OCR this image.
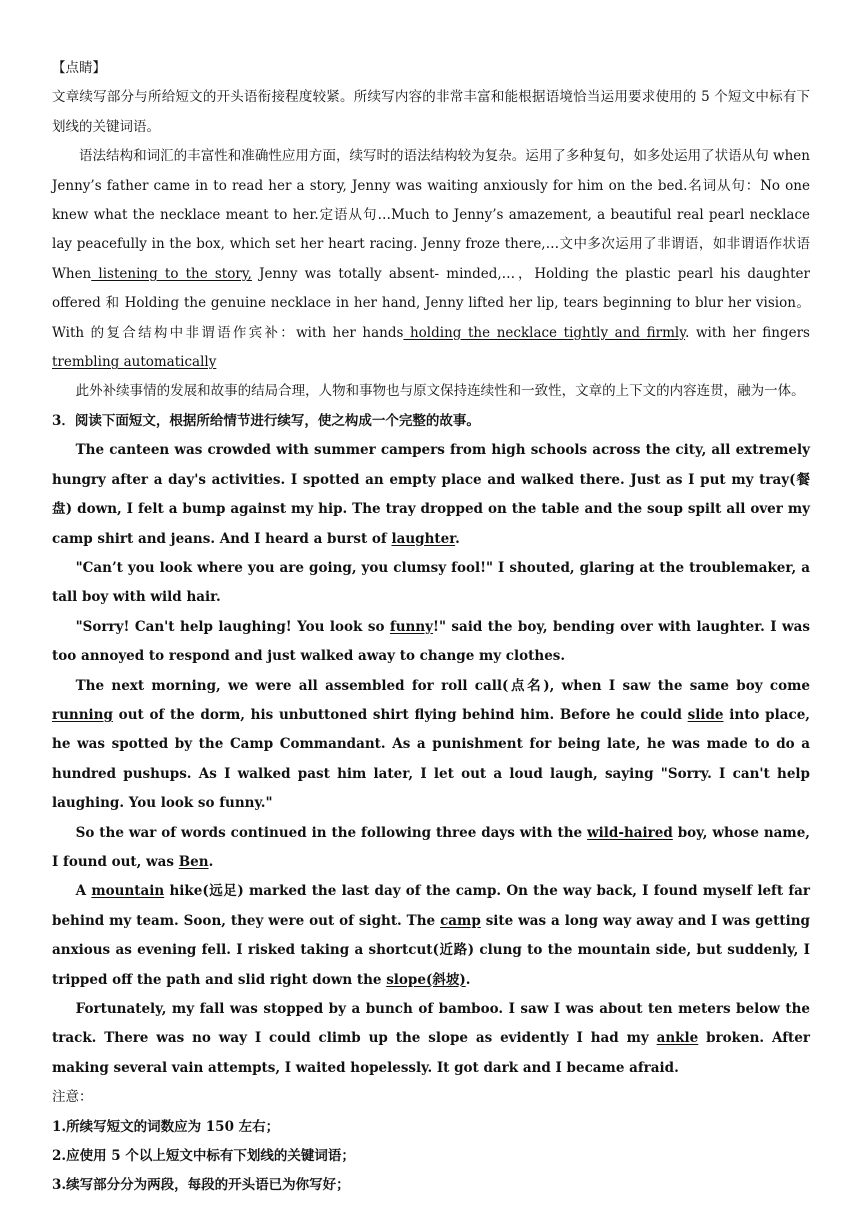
【点睛】

文章续写部分与所给短文的开头语衔接程度较紧。所续写内容的非常丰富和能根据语境恰当运用要求使用的 5 个短文中标有下划线的关键词语。

语法结构和词汇的丰富性和准确性应用方面，续写时的语法结构较为复杂。运用了多种复句，如多处运用了状语从句 when Jenny’s father came in to read her a story, Jenny was waiting anxiously for him on the bed.名词从句：No one knew what the necklace meant to her.定语从句…Much to Jenny’s amazement, a beautiful real pearl necklace lay peacefully in the box, which set her heart racing. Jenny froze there,…文中多次运用了非谓语，如非谓语作状语 When listening to the story, Jenny was totally absent- minded,…，Holding the plastic pearl his daughter offered 和 Holding the genuine necklace in her hand, Jenny lifted her lip, tears beginning to blur her vision。With 的复合结构中非谓语作宾补：with her hands holding the necklace tightly and firmly. with her fingers trembling automatically

此外补续事情的发展和故事的结局合理，人物和事物也与原文保持连续性和一致性，文章的上下文的内容连贯，融为一体。

3．阅读下面短文，根据所给情节进行续写，使之构成一个完整的故事。

The canteen was crowded with summer campers from high schools across the city, all extremely hungry after a day's activities. I spotted an empty place and walked there. Just as I put my tray(餐盘) down, I felt a bump against my hip. The tray dropped on the table and the soup spilt all over my camp shirt and jeans. And I heard a burst of laughter.

"Can’t you look where you are going, you clumsy fool!" I shouted, glaring at the troublemaker, a tall boy with wild hair.

"Sorry! Can't help laughing! You look so funny!" said the boy, bending over with laughter. I was too annoyed to respond and just walked away to change my clothes.

The next morning, we were all assembled for roll call(点名), when I saw the same boy come running out of the dorm, his unbuttoned shirt flying behind him. Before he could slide into place, he was spotted by the Camp Commandant. As a punishment for being late, he was made to do a hundred pushups. As I walked past him later, I let out a loud laugh, saying "Sorry. I can't help laughing. You look so funny."

So the war of words continued in the following three days with the wild-haired boy, whose name, I found out, was Ben.

A mountain hike(远足) marked the last day of the camp. On the way back, I found myself left far behind my team. Soon, they were out of sight. The camp site was a long way away and I was getting anxious as evening fell. I risked taking a shortcut(近路) clung to the mountain side, but suddenly, I tripped off the path and slid right down the slope(斜坡).

Fortunately, my fall was stopped by a bunch of bamboo. I saw I was about ten meters below the track. There was no way I could climb up the slope as evidently I had my ankle broken. After making several vain attempts, I waited hopelessly. It got dark and I became afraid.

注意：

1.所续写短文的词数应为 150 左右；

2.应使用 5 个以上短文中标有下划线的关键词语；

3.续写部分分为两段，每段的开头语已为你写好；
